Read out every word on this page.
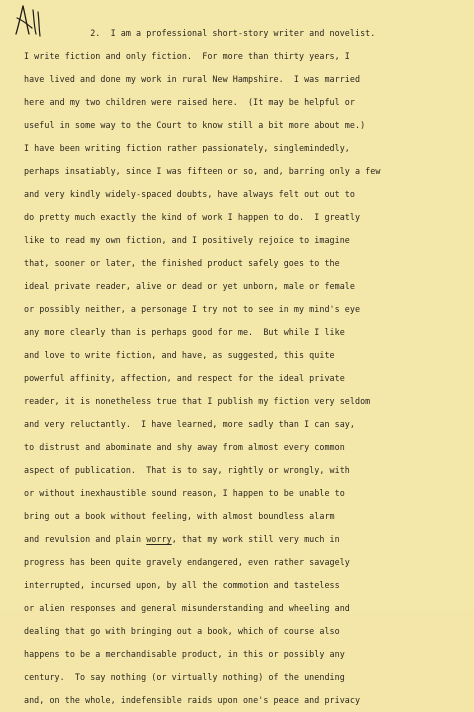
2.  I am a professional short-story writer and novelist.
I write fiction and only fiction.  For more than thirty years, I
have lived and done my work in rural New Hampshire.  I was married
here and my two children were raised here.  (It may be helpful or
useful in some way to the Court to know still a bit more about me.)
I have been writing fiction rather passionately, singlemindedly,
perhaps insatiably, since I was fifteen or so, and, barring only a few
and very kindly widely-spaced doubts, have always felt out out to
do pretty much exactly the kind of work I happen to do.  I greatly
like to read my own fiction, and I positively rejoice to imagine
that, sooner or later, the finished product safely goes to the
ideal private reader, alive or dead or yet unborn, male or female
or possibly neither, a personage I try not to see in my mind's eye
any more clearly than is perhaps good for me.  But while I like
and love to write fiction, and have, as suggested, this quite
powerful affinity, affection, and respect for the ideal private
reader, it is nonetheless true that I publish my fiction very seldom
and very reluctantly.  I have learned, more sadly than I can say,
to distrust and abominate and shy away from almost every common
aspect of publication.  That is to say, rightly or wrongly, with
or without inexhaustible sound reason, I happen to be unable to
bring out a book without feeling, with almost boundless alarm
and revulsion and plain worry, that my work still very much in
progress has been quite gravely endangered, even rather savagely
interrupted, incursed upon, by all the commotion and tasteless
or alien responses and general misunderstanding and wheeling and
dealing that go with bringing out a book, which of course also
happens to be a merchandisable product, in this or possibly any
century.  To say nothing (or virtually nothing) of the unending
and, on the whole, indefensible raids upon one's peace and privacy
